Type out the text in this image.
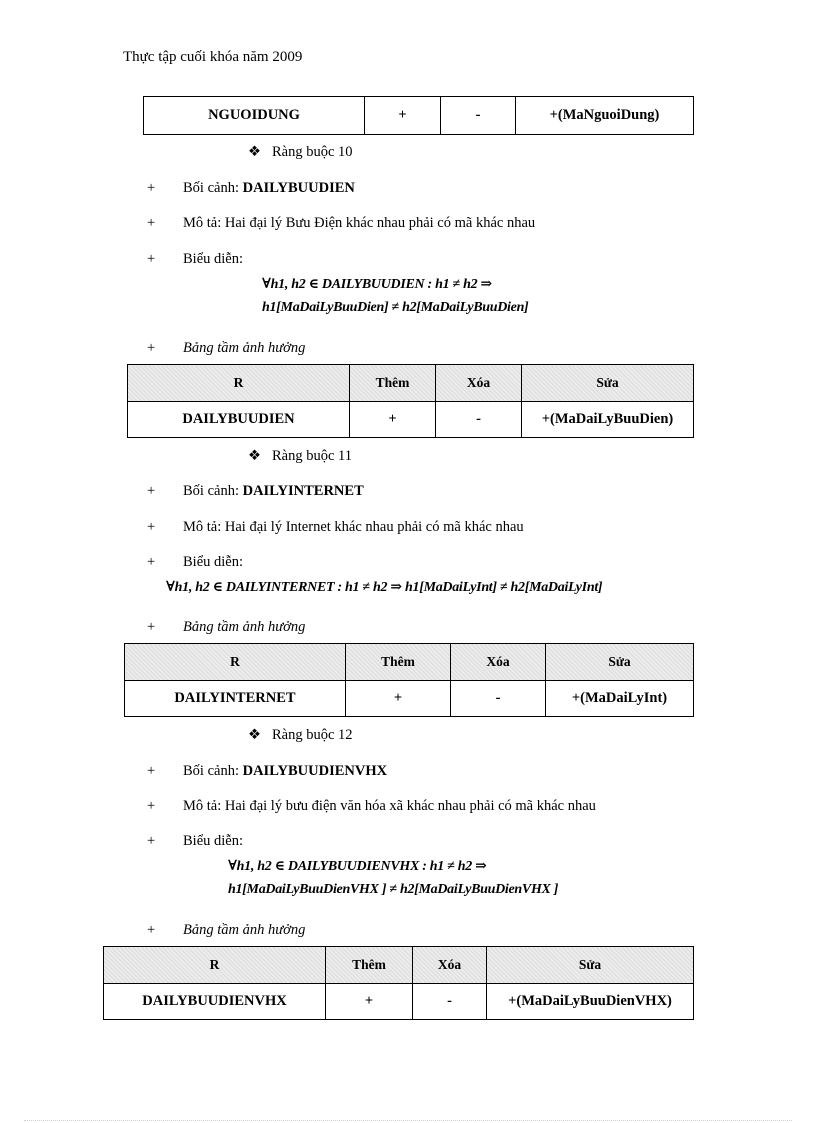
Thực tập cuối khóa năm 2009
NGUOIDUNG	+	-	+(MaNguoiDung)
❖ Ràng buộc 10
+ Bối cảnh: DAILYBUUDIEN
+ Mô tả: Hai đại lý Bưu Điện khác nhau phải có mã khác nhau
+ Biểu diễn:
∀h1, h2 ∈ DAILYBUUDIEN : h1 ≠ h2 ⇒
h1[MaDaiLyBuuDien] ≠ h2[MaDaiLyBuuDien]
+ Bảng tầm ảnh hưởng
R	Thêm	Xóa	Sửa
DAILYBUUDIEN	+	-	+(MaDaiLyBuuDien)
❖ Ràng buộc 11
+ Bối cảnh: DAILYINTERNET
+ Mô tả: Hai đại lý Internet khác nhau phải có mã khác nhau
+ Biểu diễn:
∀h1, h2 ∈ DAILYINTERNET : h1 ≠ h2 ⇒ h1[MaDaiLyInt] ≠ h2[MaDaiLyInt]
+ Bảng tầm ảnh hưởng
R	Thêm	Xóa	Sửa
DAILYINTERNET	+	-	+(MaDaiLyInt)
❖ Ràng buộc 12
+ Bối cảnh: DAILYBUUDIENVHX
+ Mô tả: Hai đại lý bưu điện văn hóa xã khác nhau phải có mã khác nhau
+ Biểu diễn:
∀h1, h2 ∈ DAILYBUUDIENVHX : h1 ≠ h2 ⇒
h1[MaDaiLyBuuDienVHX ] ≠ h2[MaDaiLyBuuDienVHX ]
+ Bảng tầm ảnh hưởng
R	Thêm	Xóa	Sửa
DAILYBUUDIENVHX	+	-	+(MaDaiLyBuuDienVHX)
